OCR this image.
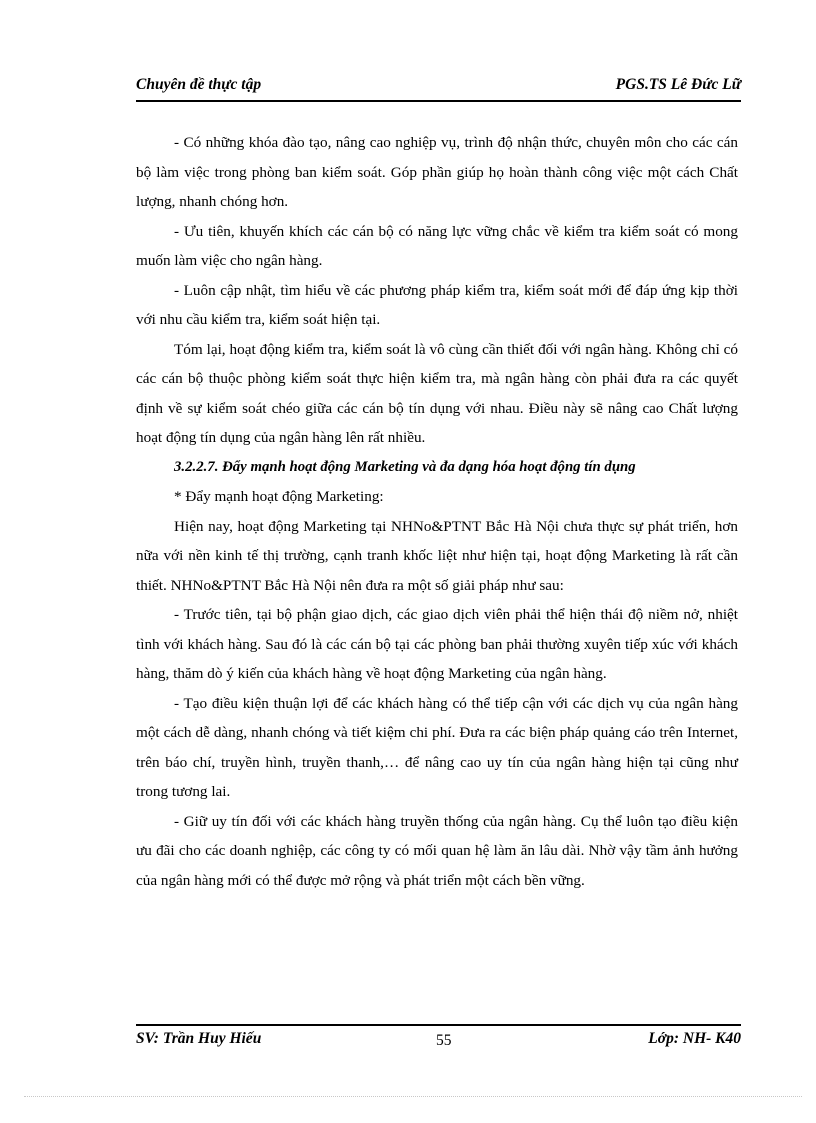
Chuyên đề thực tập	PGS.TS Lê Đức Lữ

- Có những khóa đào tạo, nâng cao nghiệp vụ, trình độ nhận thức, chuyên môn cho các cán bộ làm việc trong phòng ban kiểm soát. Góp phần giúp họ hoàn thành công việc một cách Chất lượng, nhanh chóng hơn.

- Ưu tiên, khuyến khích các cán bộ có năng lực vững chắc về kiểm tra kiểm soát có mong muốn làm việc cho ngân hàng.

- Luôn cập nhật, tìm hiểu về các phương pháp kiểm tra, kiểm soát mới để đáp ứng kịp thời với nhu cầu kiểm tra, kiểm soát hiện tại.

Tóm lại, hoạt động kiểm tra, kiểm soát là vô cùng cần thiết đối với ngân hàng. Không chỉ có các cán bộ thuộc phòng kiểm soát thực hiện kiểm tra, mà ngân hàng còn phải đưa ra các quyết định về sự kiểm soát chéo giữa các cán bộ tín dụng với nhau. Điều này sẽ nâng cao Chất lượng hoạt động tín dụng của ngân hàng lên rất nhiều.

3.2.2.7. Đẩy mạnh hoạt động Marketing và đa dạng hóa hoạt động tín dụng

* Đẩy mạnh hoạt động Marketing:

Hiện nay, hoạt động Marketing tại NHNo&PTNT Bắc Hà Nội chưa thực sự phát triển, hơn nữa với nền kinh tế thị trường, cạnh tranh khốc liệt như hiện tại, hoạt động Marketing là rất cần thiết. NHNo&PTNT Bắc Hà Nội nên đưa ra một số giải pháp như sau:

- Trước tiên, tại bộ phận giao dịch, các giao dịch viên phải thể hiện thái độ niềm nở, nhiệt tình với khách hàng. Sau đó là các cán bộ tại các phòng ban phải thường xuyên tiếp xúc với khách hàng, thăm dò ý kiến của khách hàng về hoạt động Marketing của ngân hàng.

- Tạo điều kiện thuận lợi để các khách hàng có thể tiếp cận với các dịch vụ của ngân hàng một cách dễ dàng, nhanh chóng và tiết kiệm chi phí. Đưa ra các biện pháp quảng cáo trên Internet, trên báo chí, truyền hình, truyền thanh,… để nâng cao uy tín của ngân hàng hiện tại cũng như trong tương lai.

- Giữ uy tín đối với các khách hàng truyền thống của ngân hàng. Cụ thể luôn tạo điều kiện ưu đãi cho các doanh nghiệp, các công ty có mối quan hệ làm ăn lâu dài. Nhờ vậy tầm ảnh hưởng của ngân hàng mới có thể được mở rộng và phát triển một cách bền vững.

SV: Trần Huy Hiếu	55	Lớp: NH- K40
